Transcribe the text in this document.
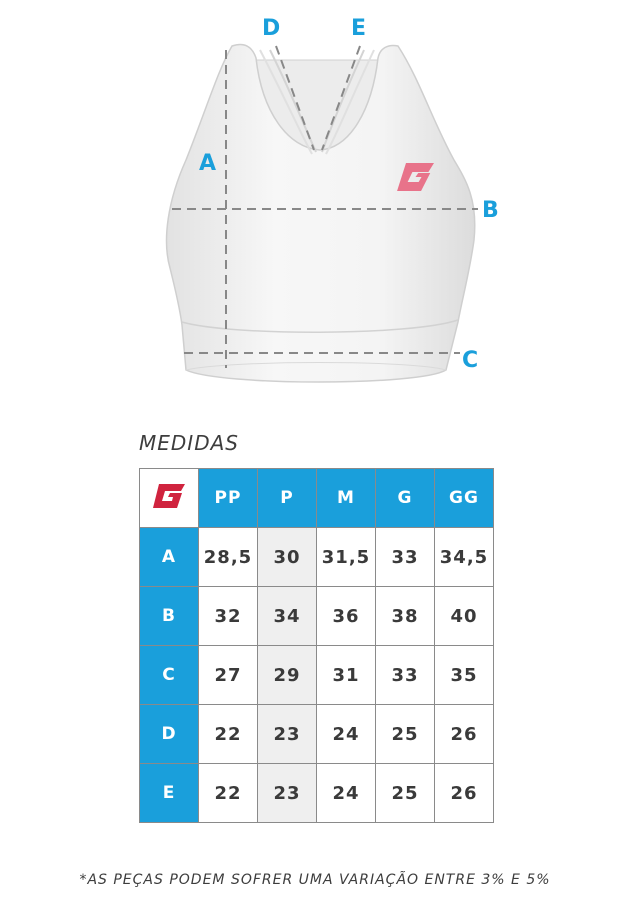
A
B
C
D	E
MEDIDAS
	PP	P	M	G	GG
A	28,5	30	31,5	33	34,5
B	32	34	36	38	40
C	27	29	31	33	35
D	22	23	24	25	26
E	22	23	24	25	26
*AS PEÇAS PODEM SOFRER UMA VARIAÇÃO ENTRE 3% E 5%
